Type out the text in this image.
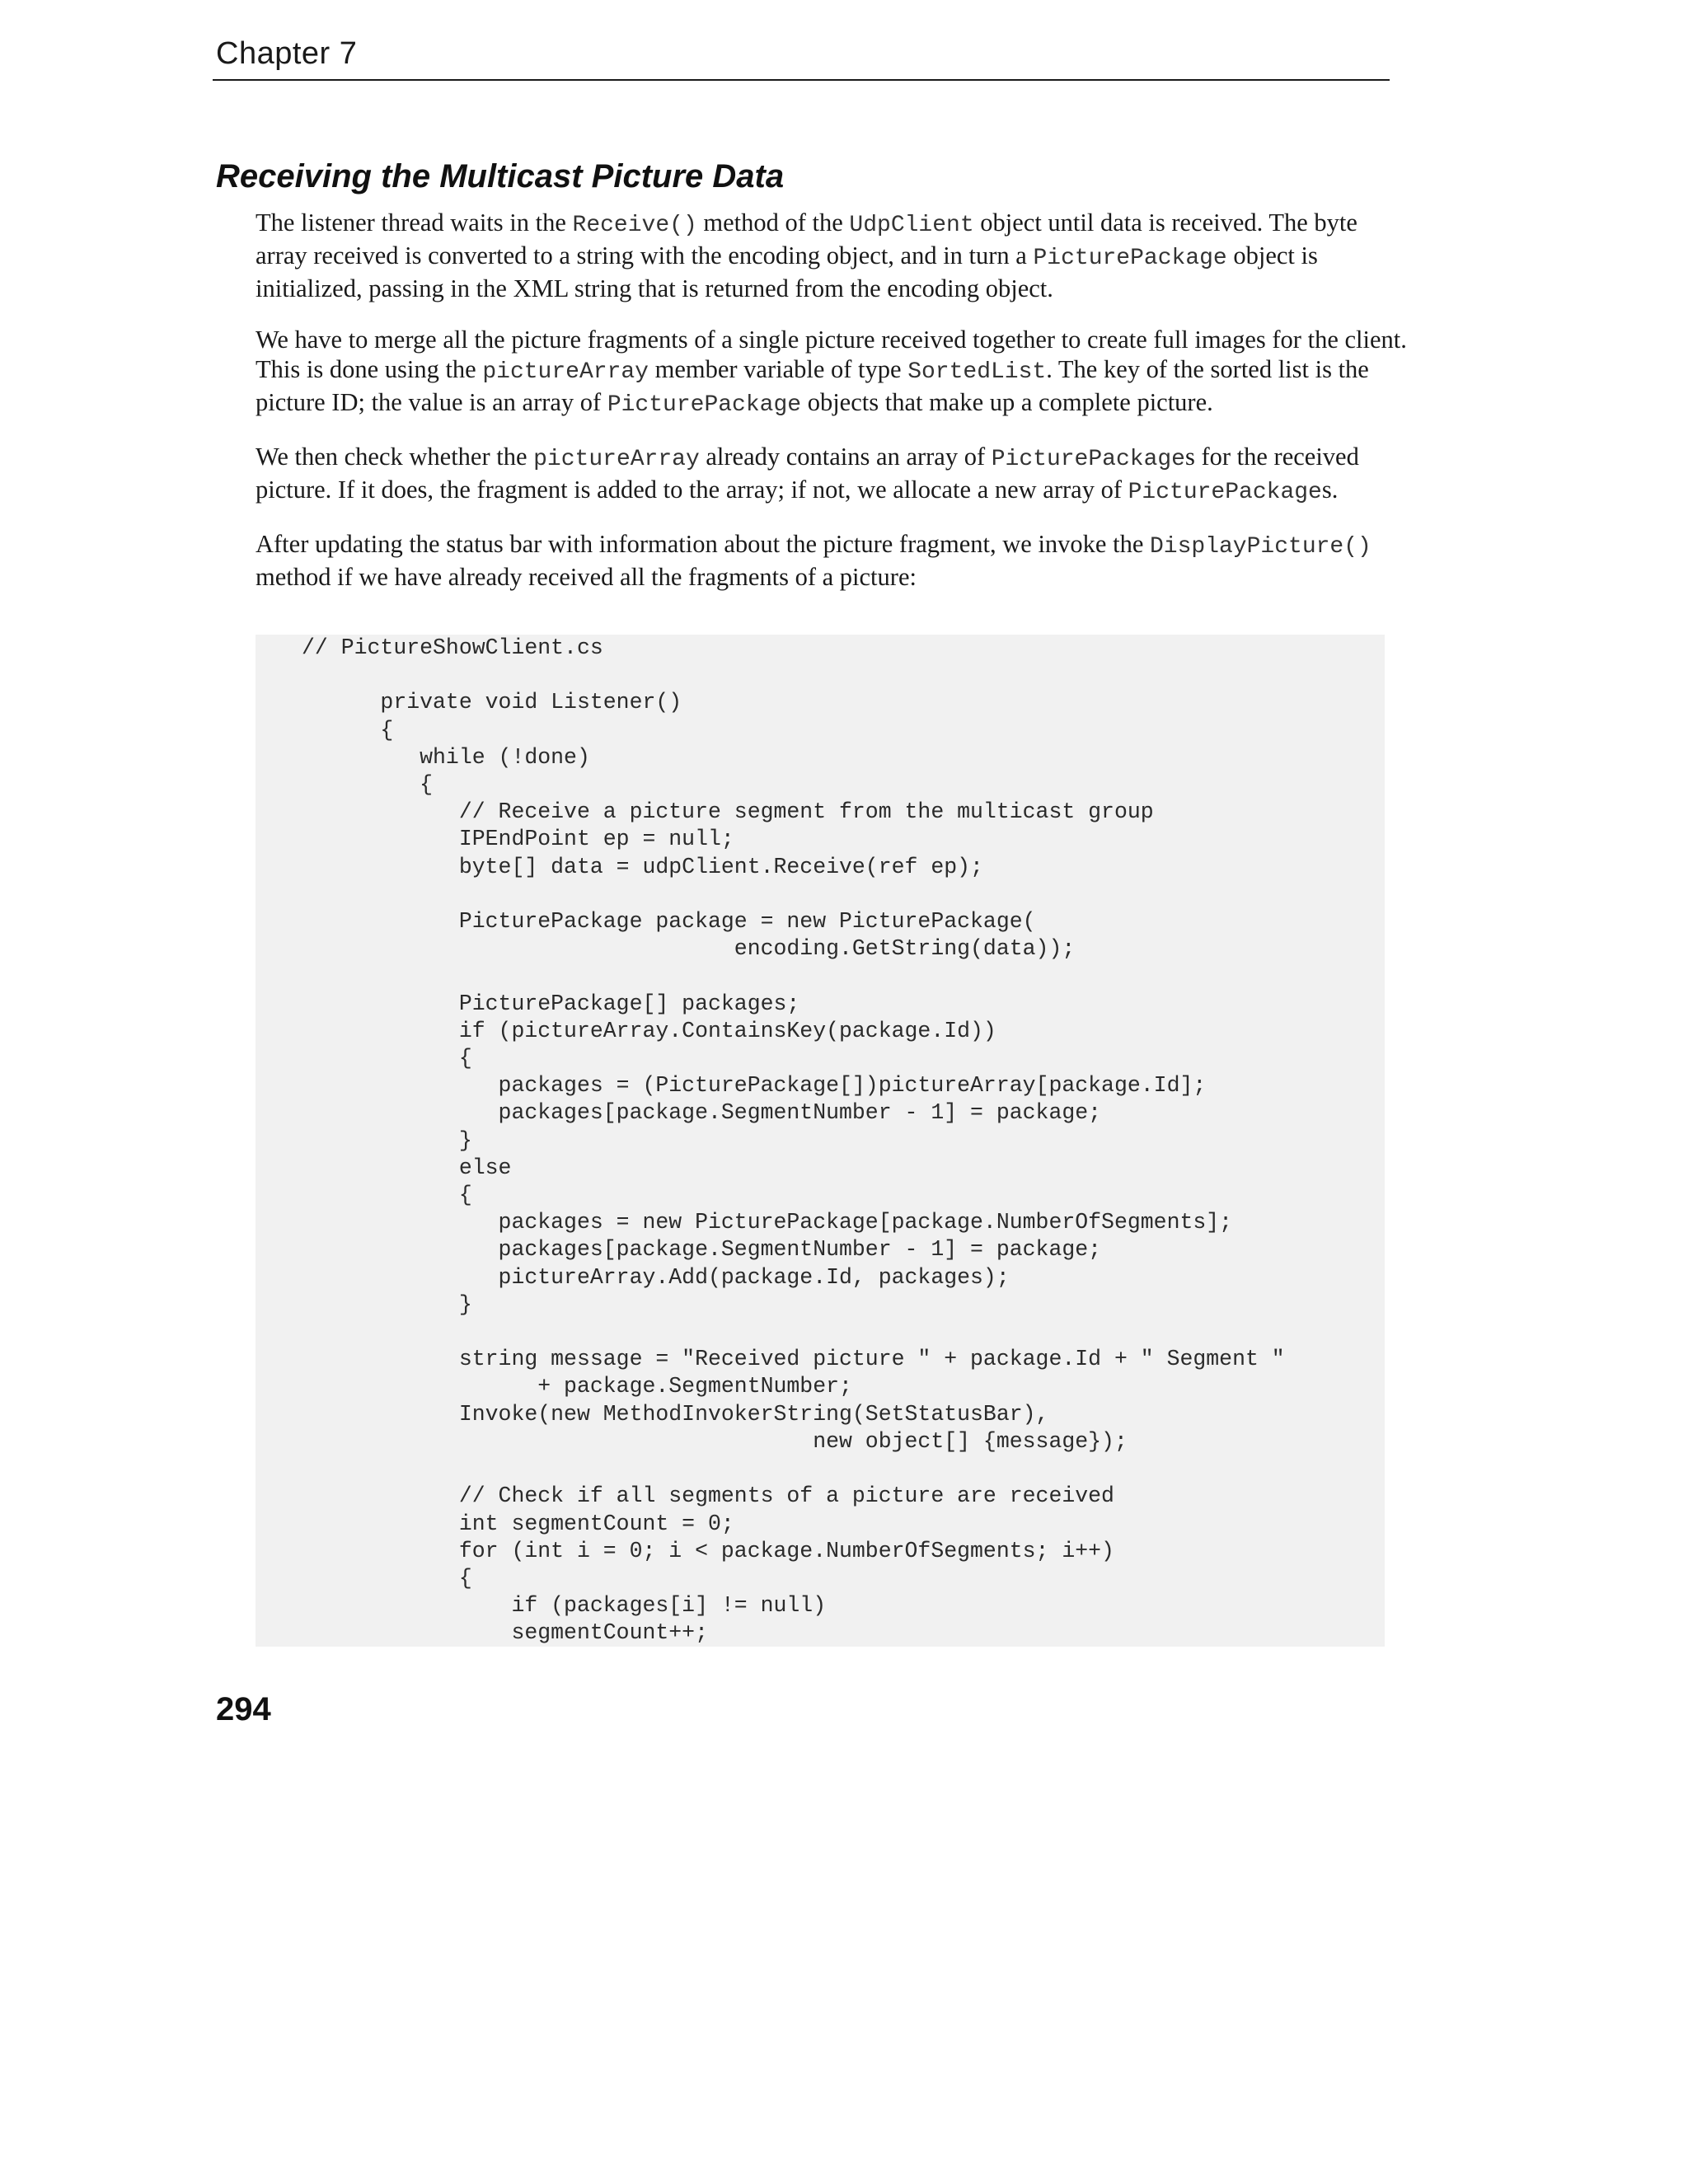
Chapter 7
Receiving the Multicast Picture Data

The listener thread waits in the Receive() method of the UdpClient object until data is received. The byte array received is converted to a string with the encoding object, and in turn a PicturePackage object is initialized, passing in the XML string that is returned from the encoding object.

We have to merge all the picture fragments of a single picture received together to create full images for the client. This is done using the pictureArray member variable of type SortedList. The key of the sorted list is the picture ID; the value is an array of PicturePackage objects that make up a complete picture.

We then check whether the pictureArray already contains an array of PicturePackages for the received picture. If it does, the fragment is added to the array; if not, we allocate a new array of PicturePackages.

After updating the status bar with information about the picture fragment, we invoke the DisplayPicture() method if we have already received all the fragments of a picture:

// PictureShowClient.cs

private void Listener()
{
while (!done)
{
// Receive a picture segment from the multicast group
IPEndPoint ep = null;
byte[] data = udpClient.Receive(ref ep);

PicturePackage package = new PicturePackage(
encoding.GetString(data));

PicturePackage[] packages;
if (pictureArray.ContainsKey(package.Id))
{
packages = (PicturePackage[])pictureArray[package.Id];
packages[package.SegmentNumber - 1] = package;
}
else
{
packages = new PicturePackage[package.NumberOfSegments];
packages[package.SegmentNumber - 1] = package;
pictureArray.Add(package.Id, packages);
}

string message = "Received picture " + package.Id + " Segment "
+ package.SegmentNumber;
Invoke(new MethodInvokerString(SetStatusBar),
new object[] {message});

// Check if all segments of a picture are received
int segmentCount = 0;
for (int i = 0; i < package.NumberOfSegments; i++)
{
if (packages[i] != null)
segmentCount++;
294
